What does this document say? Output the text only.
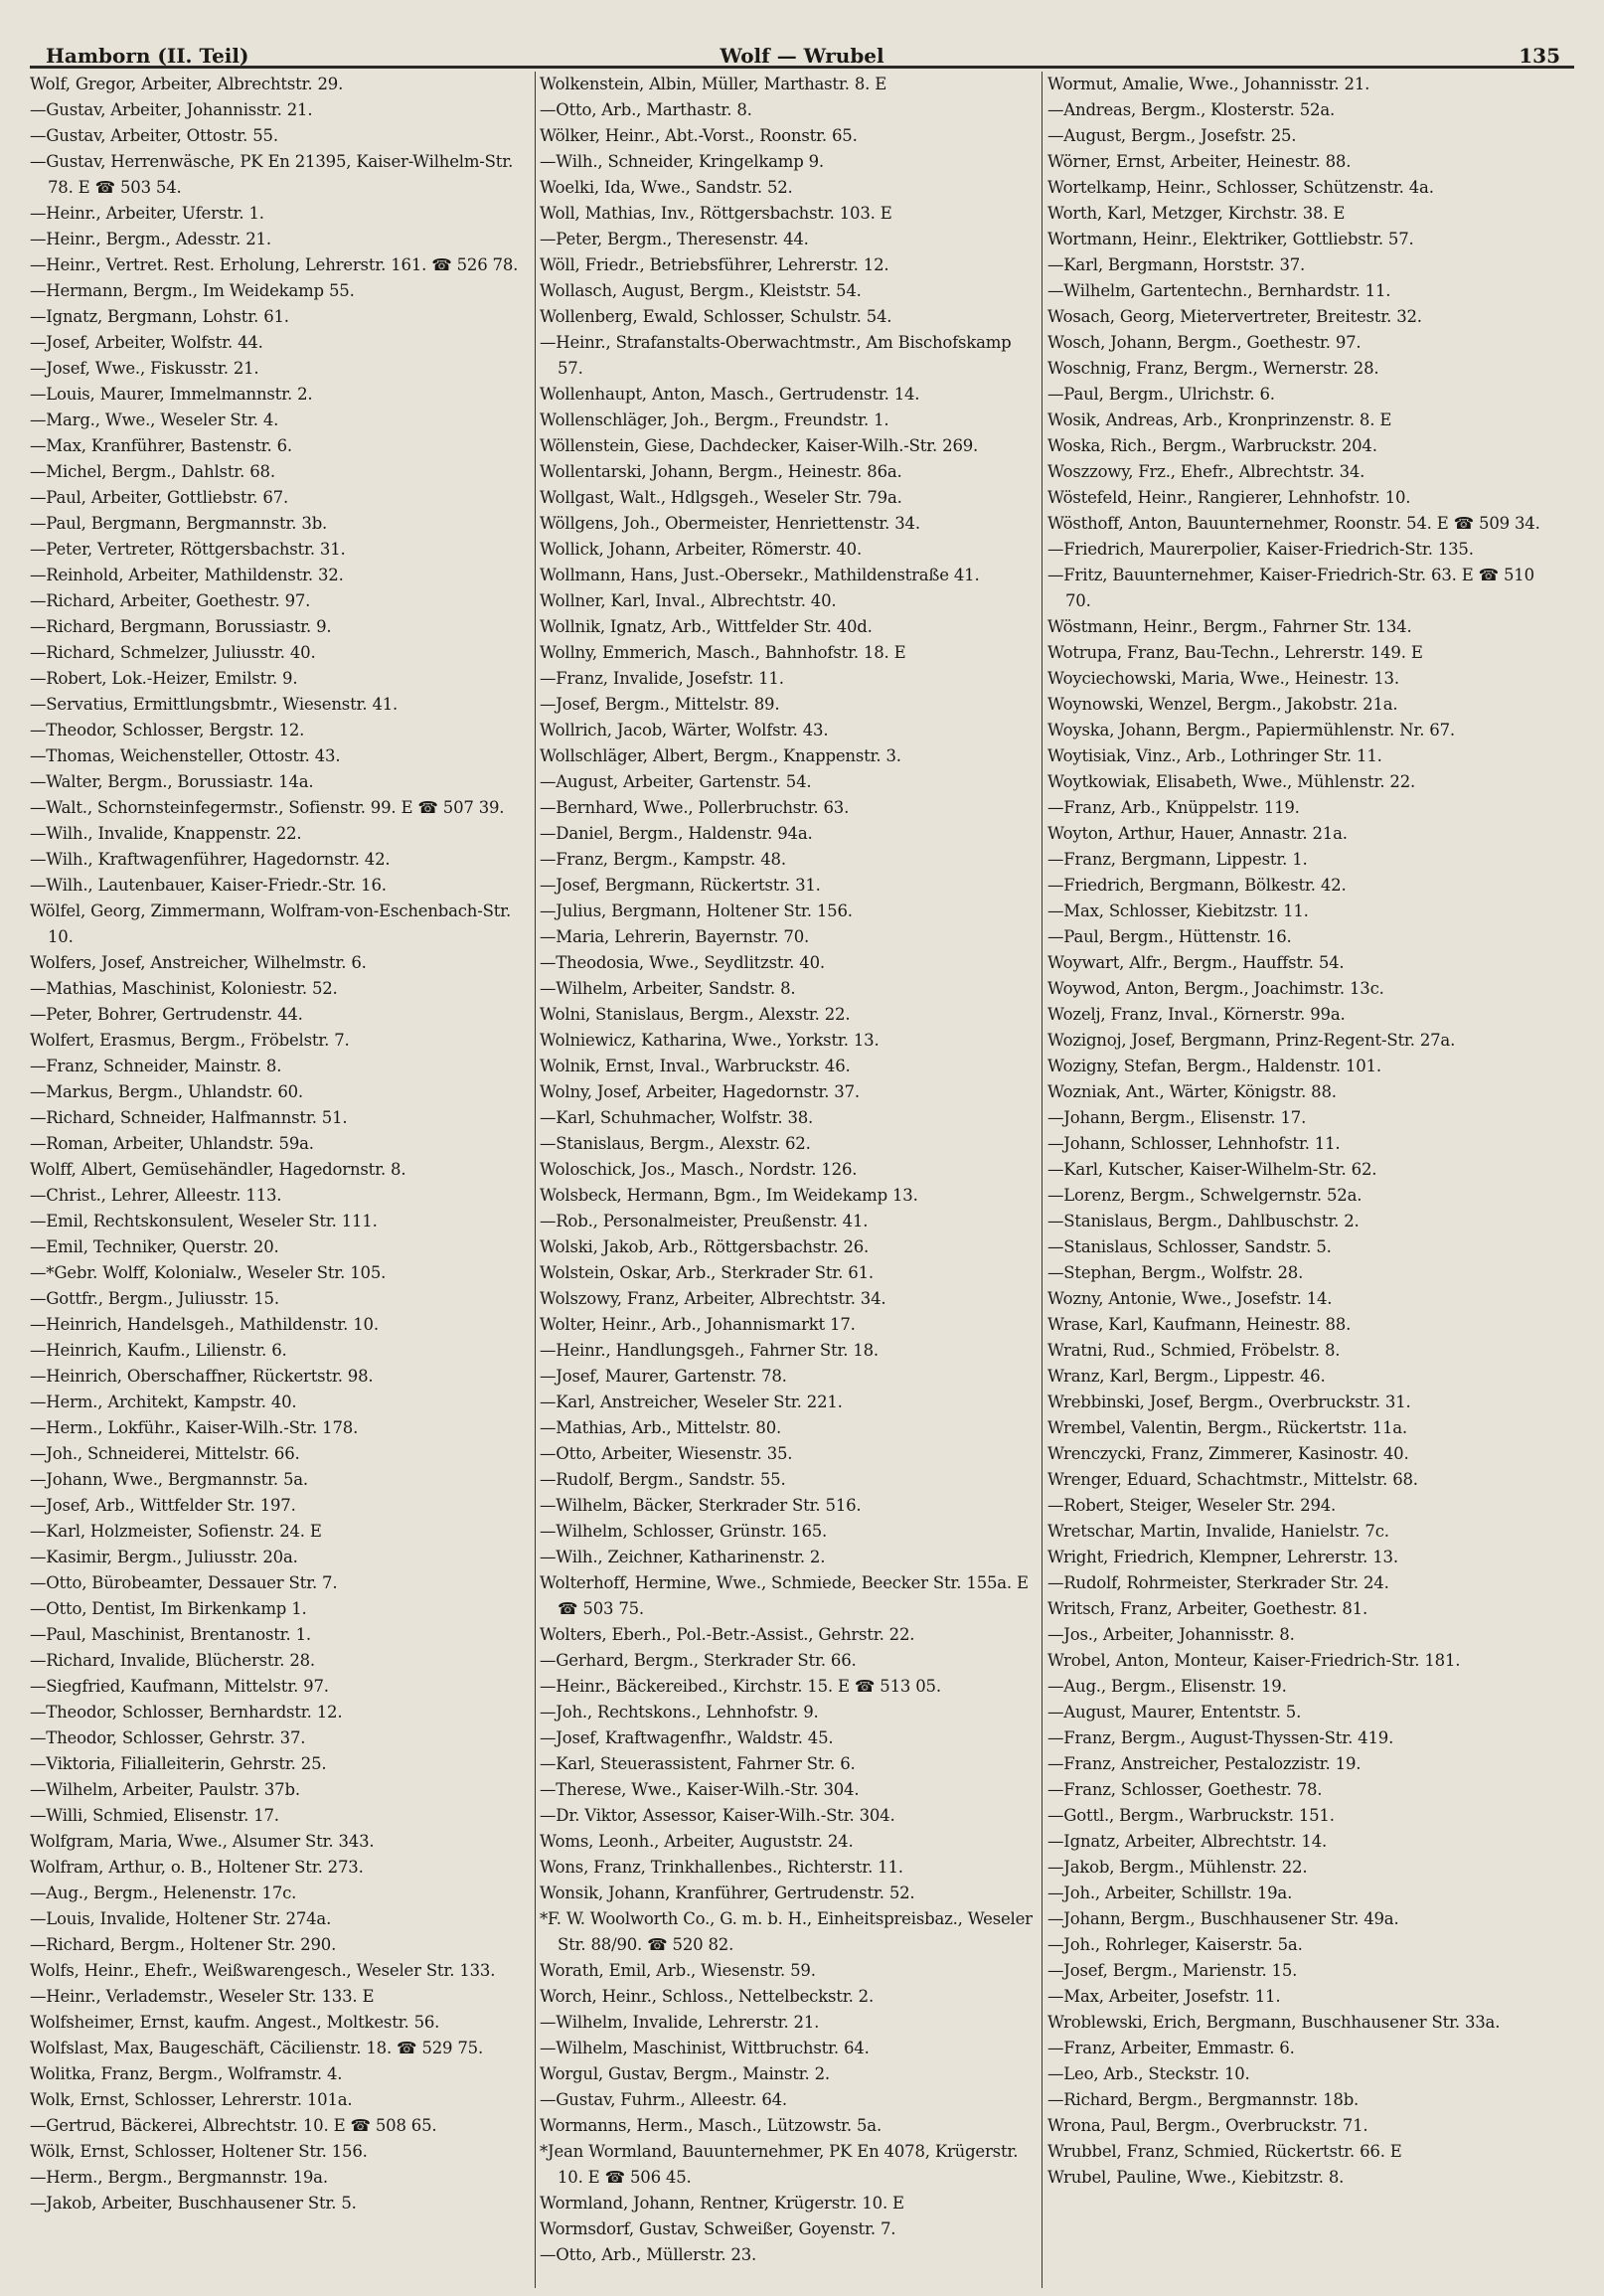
Hamborn (II. Teil)	Wolf — Wrubel	135
Wolf, Gregor, Arbeiter, Albrechtstr. 29.
—Gustav, Arbeiter, Johannisstr. 21.
—Gustav, Arbeiter, Ottostr. 55.
—Gustav, Herrenwäsche, PK En 21395, Kaiser-Wilhelm-Str. 78. E ☎ 503 54.
—Heinr., Arbeiter, Uferstr. 1.
—Heinr., Bergm., Adesstr. 21.
—Heinr., Vertret. Rest. Erholung, Lehrerstr. 161. ☎ 526 78.
—Hermann, Bergm., Im Weidekamp 55.
—Ignatz, Bergmann, Lohstr. 61.
—Josef, Arbeiter, Wolfstr. 44.
—Josef, Wwe., Fiskusstr. 21.
—Louis, Maurer, Immelmannstr. 2.
—Marg., Wwe., Weseler Str. 4.
—Max, Kranführer, Bastenstr. 6.
—Michel, Bergm., Dahlstr. 68.
—Paul, Arbeiter, Gottliebstr. 67.
—Paul, Bergmann, Bergmannstr. 3b.
—Peter, Vertreter, Röttgersbachstr. 31.
—Reinhold, Arbeiter, Mathildenstr. 32.
—Richard, Arbeiter, Goethestr. 97.
—Richard, Bergmann, Borussiastr. 9.
—Richard, Schmelzer, Juliusstr. 40.
—Robert, Lok.-Heizer, Emilstr. 9.
—Servatius, Ermittlungsbmtr., Wiesenstr. 41.
—Theodor, Schlosser, Bergstr. 12.
—Thomas, Weichensteller, Ottostr. 43.
—Walter, Bergm., Borussiastr. 14a.
—Walt., Schornsteinfegermstr., Sofienstr. 99. E ☎ 507 39.
—Wilh., Invalide, Knappenstr. 22.
—Wilh., Kraftwagenführer, Hagedornstr. 42.
—Wilh., Lautenbauer, Kaiser-Friedr.-Str. 16.
Wölfel, Georg, Zimmermann, Wolfram-von-Eschenbach-Str. 10.
Wolfers, Josef, Anstreicher, Wilhelmstr. 6.
—Mathias, Maschinist, Koloniestr. 52.
—Peter, Bohrer, Gertrudenstr. 44.
Wolfert, Erasmus, Bergm., Fröbelstr. 7.
—Franz, Schneider, Mainstr. 8.
—Markus, Bergm., Uhlandstr. 60.
—Richard, Schneider, Halfmannstr. 51.
—Roman, Arbeiter, Uhlandstr. 59a.
Wolff, Albert, Gemüsehändler, Hagedornstr. 8.
—Christ., Lehrer, Alleestr. 113.
—Emil, Rechtskonsulent, Weseler Str. 111.
—Emil, Techniker, Querstr. 20.
—*Gebr. Wolff, Kolonialw., Weseler Str. 105.
—Gottfr., Bergm., Juliusstr. 15.
—Heinrich, Handelsgeh., Mathildenstr. 10.
—Heinrich, Kaufm., Lilienstr. 6.
—Heinrich, Oberschaffner, Rückertstr. 98.
—Herm., Architekt, Kampstr. 40.
—Herm., Lokführ., Kaiser-Wilh.-Str. 178.
—Joh., Schneiderei, Mittelstr. 66.
—Johann, Wwe., Bergmannstr. 5a.
—Josef, Arb., Wittfelder Str. 197.
—Karl, Holzmeister, Sofienstr. 24. E
—Kasimir, Bergm., Juliusstr. 20a.
—Otto, Bürobeamter, Dessauer Str. 7.
—Otto, Dentist, Im Birkenkamp 1.
—Paul, Maschinist, Brentanostr. 1.
—Richard, Invalide, Blücherstr. 28.
—Siegfried, Kaufmann, Mittelstr. 97.
—Theodor, Schlosser, Bernhardstr. 12.
—Theodor, Schlosser, Gehrstr. 37.
—Viktoria, Filialleiterin, Gehrstr. 25.
—Wilhelm, Arbeiter, Paulstr. 37b.
—Willi, Schmied, Elisenstr. 17.
Wolfgram, Maria, Wwe., Alsumer Str. 343.
Wolfram, Arthur, o. B., Holtener Str. 273.
—Aug., Bergm., Helenenstr. 17c.
—Louis, Invalide, Holtener Str. 274a.
—Richard, Bergm., Holtener Str. 290.
Wolfs, Heinr., Ehefr., Weißwarengesch., Weseler Str. 133.
—Heinr., Verlademstr., Weseler Str. 133. E
Wolfsheimer, Ernst, kaufm. Angest., Moltkestr. 56.
Wolfslast, Max, Baugeschäft, Cäcilienstr. 18. ☎ 529 75.
Wolitka, Franz, Bergm., Wolframstr. 4.
Wolk, Ernst, Schlosser, Lehrerstr. 101a.
—Gertrud, Bäckerei, Albrechtstr. 10. E ☎ 508 65.
Wölk, Ernst, Schlosser, Holtener Str. 156.
—Herm., Bergm., Bergmannstr. 19a.
—Jakob, Arbeiter, Buschhausener Str. 5.
Wolkenstein, Albin, Müller, Marthastr. 8. E
—Otto, Arb., Marthastr. 8.
Wölker, Heinr., Abt.-Vorst., Roonstr. 65.
—Wilh., Schneider, Kringelkamp 9.
Woelki, Ida, Wwe., Sandstr. 52.
Woll, Mathias, Inv., Röttgersbachstr. 103. E
—Peter, Bergm., Theresenstr. 44.
Wöll, Friedr., Betriebsführer, Lehrerstr. 12.
Wollasch, August, Bergm., Kleiststr. 54.
Wollenberg, Ewald, Schlosser, Schulstr. 54.
—Heinr., Strafanstalts-Oberwachtmstr., Am Bischofskamp 57.
Wollenhaupt, Anton, Masch., Gertrudenstr. 14.
Wollenschläger, Joh., Bergm., Freundstr. 1.
Wöllenstein, Giese, Dachdecker, Kaiser-Wilh.-Str. 269.
Wollentarski, Johann, Bergm., Heinestr. 86a.
Wollgast, Walt., Hdlgsgeh., Weseler Str. 79a.
Wöllgens, Joh., Obermeister, Henriettenstr. 34.
Wollick, Johann, Arbeiter, Römerstr. 40.
Wollmann, Hans, Just.-Obersekr., Mathildenstraße 41.
Wollner, Karl, Inval., Albrechtstr. 40.
Wollnik, Ignatz, Arb., Wittfelder Str. 40d.
Wollny, Emmerich, Masch., Bahnhofstr. 18. E
—Franz, Invalide, Josefstr. 11.
—Josef, Bergm., Mittelstr. 89.
Wollrich, Jacob, Wärter, Wolfstr. 43.
Wollschläger, Albert, Bergm., Knappenstr. 3.
—August, Arbeiter, Gartenstr. 54.
—Bernhard, Wwe., Pollerbruchstr. 63.
—Daniel, Bergm., Haldenstr. 94a.
—Franz, Bergm., Kampstr. 48.
—Josef, Bergmann, Rückertstr. 31.
—Julius, Bergmann, Holtener Str. 156.
—Maria, Lehrerin, Bayernstr. 70.
—Theodosia, Wwe., Seydlitzstr. 40.
—Wilhelm, Arbeiter, Sandstr. 8.
Wolni, Stanislaus, Bergm., Alexstr. 22.
Wolniewicz, Katharina, Wwe., Yorkstr. 13.
Wolnik, Ernst, Inval., Warbruckstr. 46.
Wolny, Josef, Arbeiter, Hagedornstr. 37.
—Karl, Schuhmacher, Wolfstr. 38.
—Stanislaus, Bergm., Alexstr. 62.
Woloschick, Jos., Masch., Nordstr. 126.
Wolsbeck, Hermann, Bgm., Im Weidekamp 13.
—Rob., Personalmeister, Preußenstr. 41.
Wolski, Jakob, Arb., Röttgersbachstr. 26.
Wolstein, Oskar, Arb., Sterkrader Str. 61.
Wolszowy, Franz, Arbeiter, Albrechtstr. 34.
Wolter, Heinr., Arb., Johannismarkt 17.
—Heinr., Handlungsgeh., Fahrner Str. 18.
—Josef, Maurer, Gartenstr. 78.
—Karl, Anstreicher, Weseler Str. 221.
—Mathias, Arb., Mittelstr. 80.
—Otto, Arbeiter, Wiesenstr. 35.
—Rudolf, Bergm., Sandstr. 55.
—Wilhelm, Bäcker, Sterkrader Str. 516.
—Wilhelm, Schlosser, Grünstr. 165.
—Wilh., Zeichner, Katharinenstr. 2.
Wolterhoff, Hermine, Wwe., Schmiede, Beecker Str. 155a. E ☎ 503 75.
Wolters, Eberh., Pol.-Betr.-Assist., Gehrstr. 22.
—Gerhard, Bergm., Sterkrader Str. 66.
—Heinr., Bäckereibed., Kirchstr. 15. E ☎ 513 05.
—Joh., Rechtskons., Lehnhofstr. 9.
—Josef, Kraftwagenfhr., Waldstr. 45.
—Karl, Steuerassistent, Fahrner Str. 6.
—Therese, Wwe., Kaiser-Wilh.-Str. 304.
—Dr. Viktor, Assessor, Kaiser-Wilh.-Str. 304.
Woms, Leonh., Arbeiter, Auguststr. 24.
Wons, Franz, Trinkhallenbes., Richterstr. 11.
Wonsik, Johann, Kranführer, Gertrudenstr. 52.
*F. W. Woolworth Co., G. m. b. H., Einheitspreisbaz., Weseler Str. 88/90. ☎ 520 82.
Worath, Emil, Arb., Wiesenstr. 59.
Worch, Heinr., Schloss., Nettelbeckstr. 2.
—Wilhelm, Invalide, Lehrerstr. 21.
—Wilhelm, Maschinist, Wittbruchstr. 64.
Worgul, Gustav, Bergm., Mainstr. 2.
—Gustav, Fuhrm., Alleestr. 64.
Wormanns, Herm., Masch., Lützowstr. 5a.
*Jean Wormland, Bauunternehmer, PK En 4078, Krügerstr. 10. E ☎ 506 45.
Wormland, Johann, Rentner, Krügerstr. 10. E
Wormsdorf, Gustav, Schweißer, Goyenstr. 7.
—Otto, Arb., Müllerstr. 23.
Wormut, Amalie, Wwe., Johannisstr. 21.
—Andreas, Bergm., Klosterstr. 52a.
—August, Bergm., Josefstr. 25.
Wörner, Ernst, Arbeiter, Heinestr. 88.
Wortelkamp, Heinr., Schlosser, Schützenstr. 4a.
Worth, Karl, Metzger, Kirchstr. 38. E
Wortmann, Heinr., Elektriker, Gottliebstr. 57.
—Karl, Bergmann, Horststr. 37.
—Wilhelm, Gartentechn., Bernhardstr. 11.
Wosach, Georg, Mietervertreter, Breitestr. 32.
Wosch, Johann, Bergm., Goethestr. 97.
Woschnig, Franz, Bergm., Wernerstr. 28.
—Paul, Bergm., Ulrichstr. 6.
Wosik, Andreas, Arb., Kronprinzenstr. 8. E
Woska, Rich., Bergm., Warbruckstr. 204.
Woszzowy, Frz., Ehefr., Albrechtstr. 34.
Wöstefeld, Heinr., Rangierer, Lehnhofstr. 10.
Wösthoff, Anton, Bauunternehmer, Roonstr. 54. E ☎ 509 34.
—Friedrich, Maurerpolier, Kaiser-Friedrich-Str. 135.
—Fritz, Bauunternehmer, Kaiser-Friedrich-Str. 63. E ☎ 510 70.
Wöstmann, Heinr., Bergm., Fahrner Str. 134.
Wotrupa, Franz, Bau-Techn., Lehrerstr. 149. E
Woyciechowski, Maria, Wwe., Heinestr. 13.
Woynowski, Wenzel, Bergm., Jakobstr. 21a.
Woyska, Johann, Bergm., Papiermühlenstr. Nr. 67.
Woytisiak, Vinz., Arb., Lothringer Str. 11.
Woytkowiak, Elisabeth, Wwe., Mühlenstr. 22.
—Franz, Arb., Knüppelstr. 119.
Woyton, Arthur, Hauer, Annastr. 21a.
—Franz, Bergmann, Lippestr. 1.
—Friedrich, Bergmann, Bölkestr. 42.
—Max, Schlosser, Kiebitzstr. 11.
—Paul, Bergm., Hüttenstr. 16.
Woywart, Alfr., Bergm., Hauffstr. 54.
Woywod, Anton, Bergm., Joachimstr. 13c.
Wozelj, Franz, Inval., Körnerstr. 99a.
Wozignoj, Josef, Bergmann, Prinz-Regent-Str. 27a.
Wozigny, Stefan, Bergm., Haldenstr. 101.
Wozniak, Ant., Wärter, Königstr. 88.
—Johann, Bergm., Elisenstr. 17.
—Johann, Schlosser, Lehnhofstr. 11.
—Karl, Kutscher, Kaiser-Wilhelm-Str. 62.
—Lorenz, Bergm., Schwelgernstr. 52a.
—Stanislaus, Bergm., Dahlbuschstr. 2.
—Stanislaus, Schlosser, Sandstr. 5.
—Stephan, Bergm., Wolfstr. 28.
Wozny, Antonie, Wwe., Josefstr. 14.
Wrase, Karl, Kaufmann, Heinestr. 88.
Wratni, Rud., Schmied, Fröbelstr. 8.
Wranz, Karl, Bergm., Lippestr. 46.
Wrebbinski, Josef, Bergm., Overbruckstr. 31.
Wrembel, Valentin, Bergm., Rückertstr. 11a.
Wrenczycki, Franz, Zimmerer, Kasinostr. 40.
Wrenger, Eduard, Schachtmstr., Mittelstr. 68.
—Robert, Steiger, Weseler Str. 294.
Wretschar, Martin, Invalide, Hanielstr. 7c.
Wright, Friedrich, Klempner, Lehrerstr. 13.
—Rudolf, Rohrmeister, Sterkrader Str. 24.
Writsch, Franz, Arbeiter, Goethestr. 81.
—Jos., Arbeiter, Johannisstr. 8.
Wrobel, Anton, Monteur, Kaiser-Friedrich-Str. 181.
—Aug., Bergm., Elisenstr. 19.
—August, Maurer, Ententstr. 5.
—Franz, Bergm., August-Thyssen-Str. 419.
—Franz, Anstreicher, Pestalozzistr. 19.
—Franz, Schlosser, Goethestr. 78.
—Gottl., Bergm., Warbruckstr. 151.
—Ignatz, Arbeiter, Albrechtstr. 14.
—Jakob, Bergm., Mühlenstr. 22.
—Joh., Arbeiter, Schillstr. 19a.
—Johann, Bergm., Buschhausener Str. 49a.
—Joh., Rohrleger, Kaiserstr. 5a.
—Josef, Bergm., Marienstr. 15.
—Max, Arbeiter, Josefstr. 11.
Wroblewski, Erich, Bergmann, Buschhausener Str. 33a.
—Franz, Arbeiter, Emmastr. 6.
—Leo, Arb., Steckstr. 10.
—Richard, Bergm., Bergmannstr. 18b.
Wrona, Paul, Bergm., Overbruckstr. 71.
Wrubbel, Franz, Schmied, Rückertstr. 66. E
Wrubel, Pauline, Wwe., Kiebitzstr. 8.
